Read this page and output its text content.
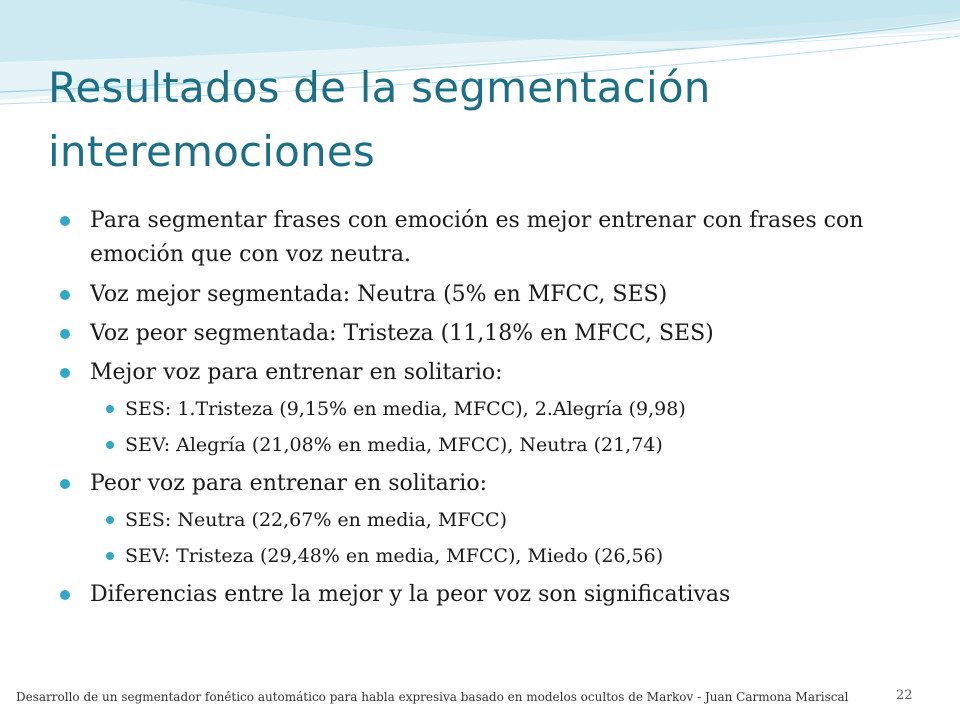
Resultados de la segmentación interemociones
Para segmentar frases con emoción es mejor entrenar con frases con emoción que con voz neutra.
Voz mejor segmentada: Neutra (5% en MFCC, SES)
Voz peor segmentada: Tristeza (11,18% en MFCC, SES)
Mejor voz para entrenar en solitario:
SES: 1.Tristeza (9,15% en media, MFCC), 2.Alegría (9,98)
SEV: Alegría (21,08% en media, MFCC), Neutra (21,74)
Peor voz para entrenar en solitario:
SES: Neutra (22,67% en media, MFCC)
SEV: Tristeza (29,48% en media, MFCC), Miedo (26,56)
Diferencias entre la mejor y la peor voz son significativas
Desarrollo de un segmentador fonético automático para habla expresiva basado en modelos ocultos de Markov - Juan Carmona Mariscal	22
